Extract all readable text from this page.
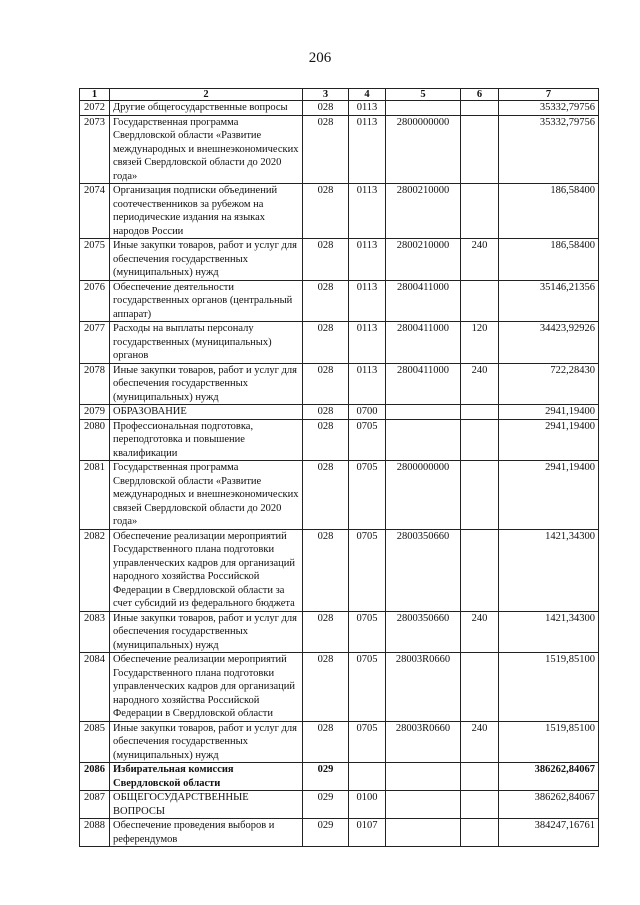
206
1	2	3	4	5	6	7
2072	Другие общегосударственные вопросы	028	0113			35332,79756
2073	Государственная программа Свердловской области «Развитие международных и внешнеэкономических связей Свердловской области до 2020 года»	028	0113	2800000000		35332,79756
2074	Организация подписки объединений соотечественников за рубежом на периодические издания на языках народов России	028	0113	2800210000		186,58400
2075	Иные закупки товаров, работ и услуг для обеспечения государственных (муниципальных) нужд	028	0113	2800210000	240	186,58400
2076	Обеспечение деятельности государственных органов (центральный аппарат)	028	0113	2800411000		35146,21356
2077	Расходы на выплаты персоналу государственных (муниципальных) органов	028	0113	2800411000	120	34423,92926
2078	Иные закупки товаров, работ и услуг для обеспечения государственных (муниципальных) нужд	028	0113	2800411000	240	722,28430
2079	ОБРАЗОВАНИЕ	028	0700			2941,19400
2080	Профессиональная подготовка, переподготовка и повышение квалификации	028	0705			2941,19400
2081	Государственная программа Свердловской области «Развитие международных и внешнеэкономических связей Свердловской области до 2020 года»	028	0705	2800000000		2941,19400
2082	Обеспечение реализации мероприятий Государственного плана подготовки управленческих кадров для организаций народного хозяйства Российской Федерации в Свердловской области за счет субсидий из федерального бюджета	028	0705	2800350660		1421,34300
2083	Иные закупки товаров, работ и услуг для обеспечения государственных (муниципальных) нужд	028	0705	2800350660	240	1421,34300
2084	Обеспечение реализации мероприятий Государственного плана подготовки управленческих кадров для организаций народного хозяйства Российской Федерации в Свердловской области	028	0705	28003R0660		1519,85100
2085	Иные закупки товаров, работ и услуг для обеспечения государственных (муниципальных) нужд	028	0705	28003R0660	240	1519,85100
2086	Избирательная комиссия Свердловской области	029				386262,84067
2087	ОБЩЕГОСУДАРСТВЕННЫЕ ВОПРОСЫ	029	0100			386262,84067
2088	Обеспечение проведения выборов и референдумов	029	0107			384247,16761
